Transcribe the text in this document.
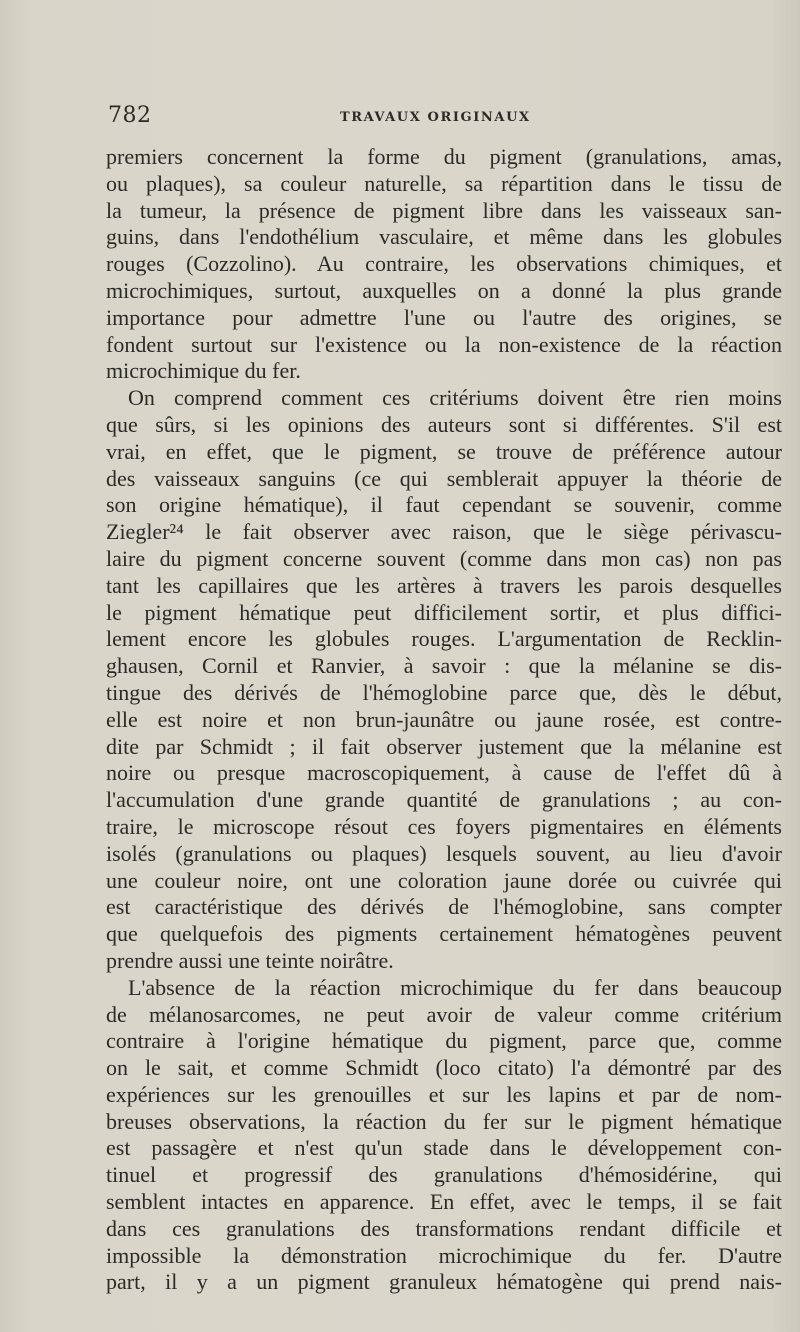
782	TRAVAUX ORIGINAUX
premiers concernent la forme du pigment (granulations, amas,
ou plaques), sa couleur naturelle, sa répartition dans le tissu de
la tumeur, la présence de pigment libre dans les vaisseaux san-
guins, dans l'endothélium vasculaire, et même dans les globules
rouges (Cozzolino). Au contraire, les observations chimiques, et
microchimiques, surtout, auxquelles on a donné la plus grande
importance pour admettre l'une ou l'autre des origines, se
fondent surtout sur l'existence ou la non-existence de la réaction
microchimique du fer.
On comprend comment ces critériums doivent être rien moins
que sûrs, si les opinions des auteurs sont si différentes. S'il est
vrai, en effet, que le pigment, se trouve de préférence autour
des vaisseaux sanguins (ce qui semblerait appuyer la théorie de
son origine hématique), il faut cependant se souvenir, comme
Ziegler²⁴ le fait observer avec raison, que le siège périvascu-
laire du pigment concerne souvent (comme dans mon cas) non pas
tant les capillaires que les artères à travers les parois desquelles
le pigment hématique peut difficilement sortir, et plus diffici-
lement encore les globules rouges. L'argumentation de Recklin-
ghausen, Cornil et Ranvier, à savoir : que la mélanine se dis-
tingue des dérivés de l'hémoglobine parce que, dès le début,
elle est noire et non brun-jaunâtre ou jaune rosée, est contre-
dite par Schmidt ; il fait observer justement que la mélanine est
noire ou presque macroscopiquement, à cause de l'effet dû à
l'accumulation d'une grande quantité de granulations ; au con-
traire, le microscope résout ces foyers pigmentaires en éléments
isolés (granulations ou plaques) lesquels souvent, au lieu d'avoir
une couleur noire, ont une coloration jaune dorée ou cuivrée qui
est caractéristique des dérivés de l'hémoglobine, sans compter
que quelquefois des pigments certainement hématogènes peuvent
prendre aussi une teinte noirâtre.
L'absence de la réaction microchimique du fer dans beaucoup
de mélanosarcomes, ne peut avoir de valeur comme critérium
contraire à l'origine hématique du pigment, parce que, comme
on le sait, et comme Schmidt (loco citato) l'a démontré par des
expériences sur les grenouilles et sur les lapins et par de nom-
breuses observations, la réaction du fer sur le pigment hématique
est passagère et n'est qu'un stade dans le développement con-
tinuel et progressif des granulations d'hémosidérine, qui
semblent intactes en apparence. En effet, avec le temps, il se fait
dans ces granulations des transformations rendant difficile et
impossible la démonstration microchimique du fer. D'autre
part, il y a un pigment granuleux hématogène qui prend nais-
